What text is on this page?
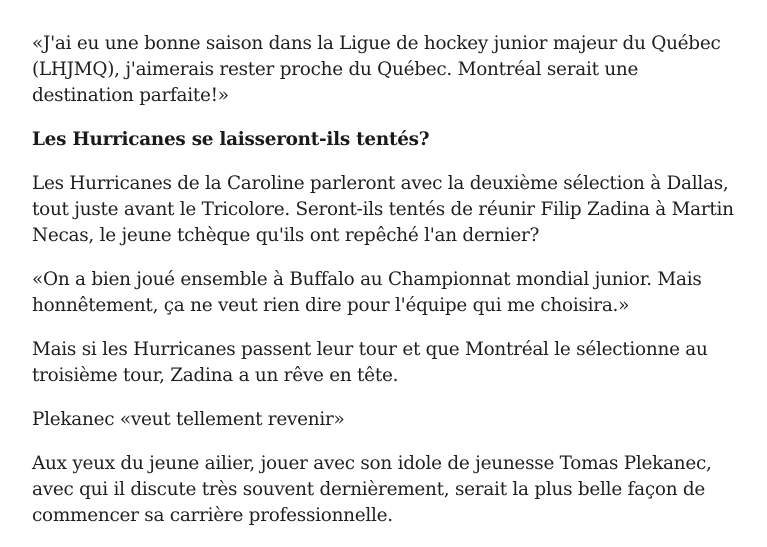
«J'ai eu une bonne saison dans la Ligue de hockey junior majeur du Québec (LHJMQ), j'aimerais rester proche du Québec. Montréal serait une destination parfaite!»

Les Hurricanes se laisseront-ils tentés?

Les Hurricanes de la Caroline parleront avec la deuxième sélection à Dallas, tout juste avant le Tricolore. Seront-ils tentés de réunir Filip Zadina à Martin Necas, le jeune tchèque qu'ils ont repêché l'an dernier?

«On a bien joué ensemble à Buffalo au Championnat mondial junior. Mais honnêtement, ça ne veut rien dire pour l'équipe qui me choisira.»

Mais si les Hurricanes passent leur tour et que Montréal le sélectionne au troisième tour, Zadina a un rêve en tête.

Plekanec «veut tellement revenir»

Aux yeux du jeune ailier, jouer avec son idole de jeunesse Tomas Plekanec, avec qui il discute très souvent dernièrement, serait la plus belle façon de commencer sa carrière professionnelle.
